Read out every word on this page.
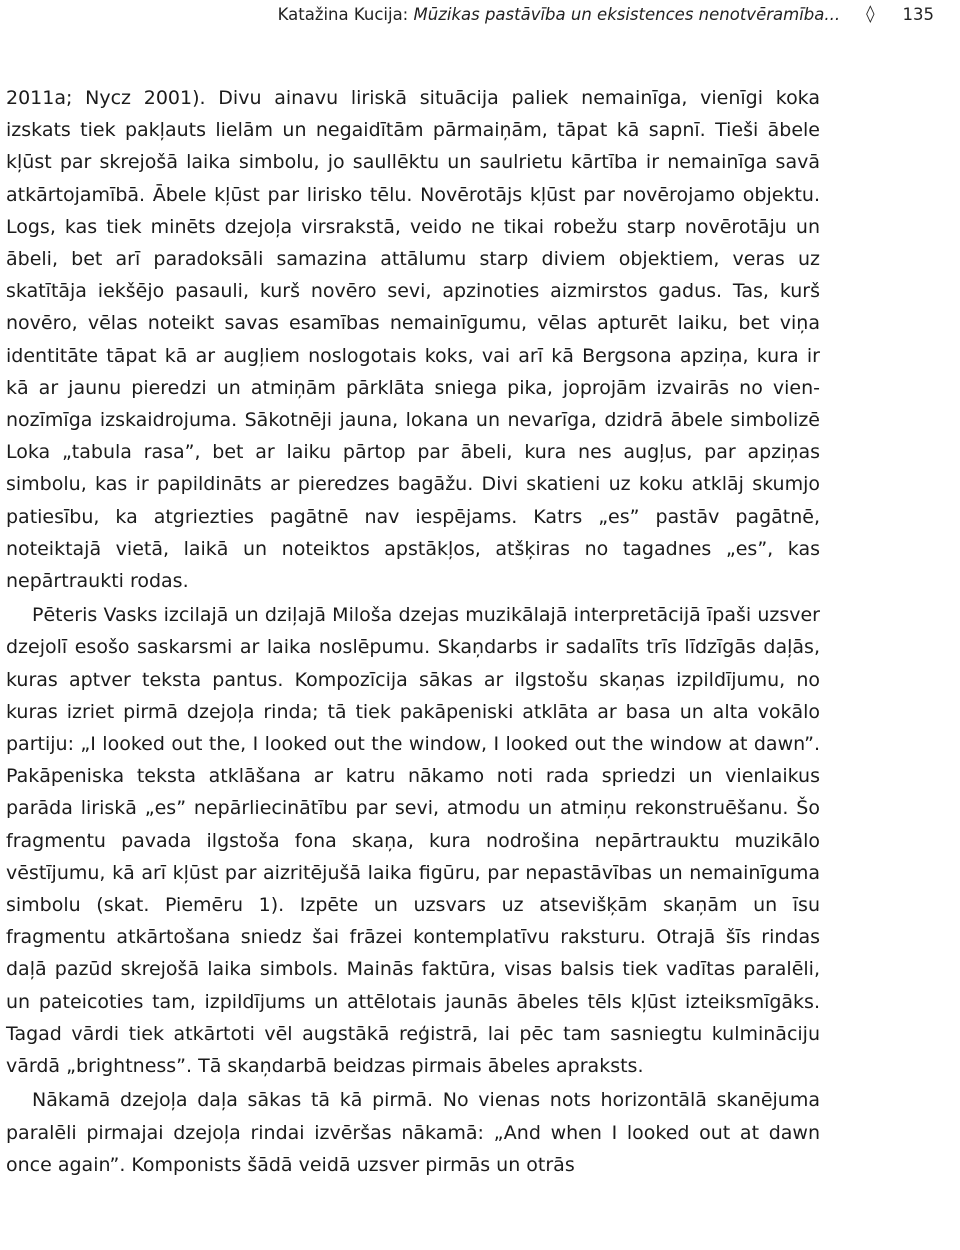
Katažina Kucija: Mūzikas pastāvība un eksistences nenotvēramība... ◊ 135

2011a; Nycz 2001). Divu ainavu liriskā situācija paliek nemainīga, vienīgi koka izskats tiek pakļauts lielām un negaidītām pārmaiņām, tāpat kā sapnī. Tieši ābele kļūst par skrejošā laika simbolu, jo saullēktu un saulrietu kārtība ir nemainīga savā atkārtojamībā. Ābele kļūst par lirisko tēlu. Novērotājs kļūst par novērojamo objektu. Logs, kas tiek minēts dzejoļa virsrakstā, veido ne tikai robežu starp novērotāju un ābeli, bet arī paradoksāli samazina attālumu starp diviem objektiem, veras uz skatītāja iekšējo pasauli, kurš novēro sevi, apzinoties aizmirstos gadus. Tas, kurš novēro, vēlas noteikt savas esamības nemainīgumu, vēlas apturēt laiku, bet viņa identitāte tāpat kā ar augļiem noslogotais koks, vai arī kā Bergsona apziņa, kura ir kā ar jaunu pieredzi un atmiņām pārklāta sniega pika, joprojām izvairās no viennozīmīga izskaidrojuma. Sākotnēji jauna, lokana un nevarīga, dzidrā ābele simbolizē Loka „tabula rasa”, bet ar laiku pārtop par ābeli, kura nes augļus, par apziņas simbolu, kas ir papildināts ar pieredzes bagāžu. Divi skatieni uz koku atklāj skumjo patiesību, ka atgriezties pagātnē nav iespējams. Katrs „es” pastāv pagātnē, noteiktajā vietā, laikā un noteiktos apstākļos, atšķiras no tagadnes „es”, kas nepārtraukti rodas.

Pēteris Vasks izcilajā un dziļajā Miloša dzejas muzikālajā interpretācijā īpaši uzsver dzejolī esošo saskarsmi ar laika noslēpumu. Skaņdarbs ir sadalīts trīs līdzīgās daļās, kuras aptver teksta pantus. Kompozīcija sākas ar ilgstošu skaņas izpildījumu, no kuras izriet pirmā dzejoļa rinda; tā tiek pakāpeniski atklāta ar basa un alta vokālo partiju: „I looked out the, I looked out the window, I looked out the window at dawn”. Pakāpeniska teksta atklāšana ar katru nākamo noti rada spriedzi un vienlaikus parāda liriskā „es” nepārliecinātību par sevi, atmodu un atmiņu rekonstruēšanu. Šo fragmentu pavada ilgstoša fona skaņa, kura nodrošina nepārtrauktu muzikālo vēstījumu, kā arī kļūst par aizritējušā laika figūru, par nepastāvības un nemainīguma simbolu (skat. Piemēru 1). Izpēte un uzsvars uz atsevišķām skaņām un īsu fragmentu atkārtošana sniedz šai frāzei kontemplatīvu raksturu. Otrajā šīs rindas daļā pazūd skrejošā laika simbols. Mainās faktūra, visas balsis tiek vadītas paralēli, un pateicoties tam, izpildījums un attēlotais jaunās ābeles tēls kļūst izteiksmīgāks. Tagad vārdi tiek atkārtoti vēl augstākā reģistrā, lai pēc tam sasniegtu kulmināciju vārdā „brightness”. Tā skaņdarbā beidzas pirmais ābeles apraksts.

Nākamā dzejoļa daļa sākas tā kā pirmā. No vienas nots horizontālā skanējuma paralēli pirmajai dzejoļa rindai izvēršas nākamā: „And when I looked out at dawn once again”. Komponists šādā veidā uzsver pirmās un otrās
